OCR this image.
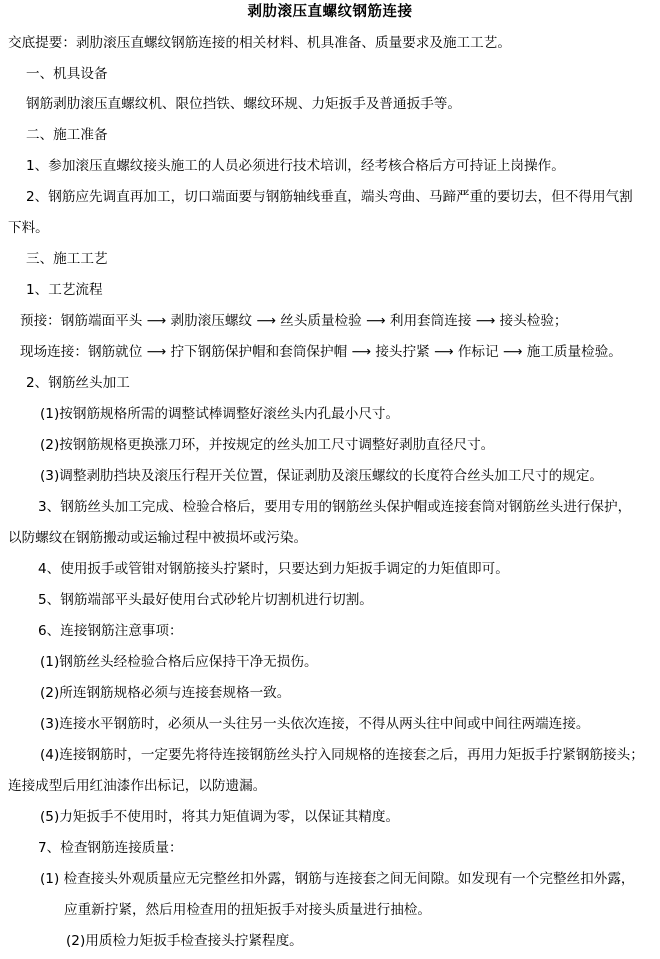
剥肋滚压直螺纹钢筋连接
交底提要：剥肋滚压直螺纹钢筋连接的相关材料、机具准备、质量要求及施工工艺。
一、机具设备
钢筋剥肋滚压直螺纹机、限位挡铁、螺纹环规、力矩扳手及普通扳手等。
二、施工准备
1、参加滚压直螺纹接头施工的人员必须进行技术培训，经考核合格后方可持证上岗操作。
2、钢筋应先调直再加工，切口端面要与钢筋轴线垂直，端头弯曲、马蹄严重的要切去，但不得用气割
下料。
三、施工工艺
1、工艺流程
预接：钢筋端面平头 ⟶ 剥肋滚压螺纹 ⟶ 丝头质量检验 ⟶ 利用套筒连接 ⟶ 接头检验；
现场连接：钢筋就位 ⟶ 拧下钢筋保护帽和套筒保护帽 ⟶ 接头拧紧 ⟶ 作标记 ⟶ 施工质量检验。
2、钢筋丝头加工
(1)按钢筋规格所需的调整试棒调整好滚丝头内孔最小尺寸。
(2)按钢筋规格更换涨刀环，并按规定的丝头加工尺寸调整好剥肋直径尺寸。
(3)调整剥肋挡块及滚压行程开关位置，保证剥肋及滚压螺纹的长度符合丝头加工尺寸的规定。
3、钢筋丝头加工完成、检验合格后，要用专用的钢筋丝头保护帽或连接套筒对钢筋丝头进行保护，
以防螺纹在钢筋搬动或运输过程中被损坏或污染。
4、使用扳手或管钳对钢筋接头拧紧时，只要达到力矩扳手调定的力矩值即可。
5、钢筋端部平头最好使用台式砂轮片切割机进行切割。
6、连接钢筋注意事项：
(1)钢筋丝头经检验合格后应保持干净无损伤。
(2)所连钢筋规格必须与连接套规格一致。
(3)连接水平钢筋时，必须从一头往另一头依次连接，不得从两头往中间或中间往两端连接。
(4)连接钢筋时，一定要先将待连接钢筋丝头拧入同规格的连接套之后，再用力矩扳手拧紧钢筋接头；
连接成型后用红油漆作出标记，以防遗漏。
(5)力矩扳手不使用时，将其力矩值调为零，以保证其精度。
7、检查钢筋连接质量：
(1) 检查接头外观质量应无完整丝扣外露，钢筋与连接套之间无间隙。如发现有一个完整丝扣外露，
应重新拧紧，然后用检查用的扭矩扳手对接头质量进行抽检。
(2)用质检力矩扳手检查接头拧紧程度。
